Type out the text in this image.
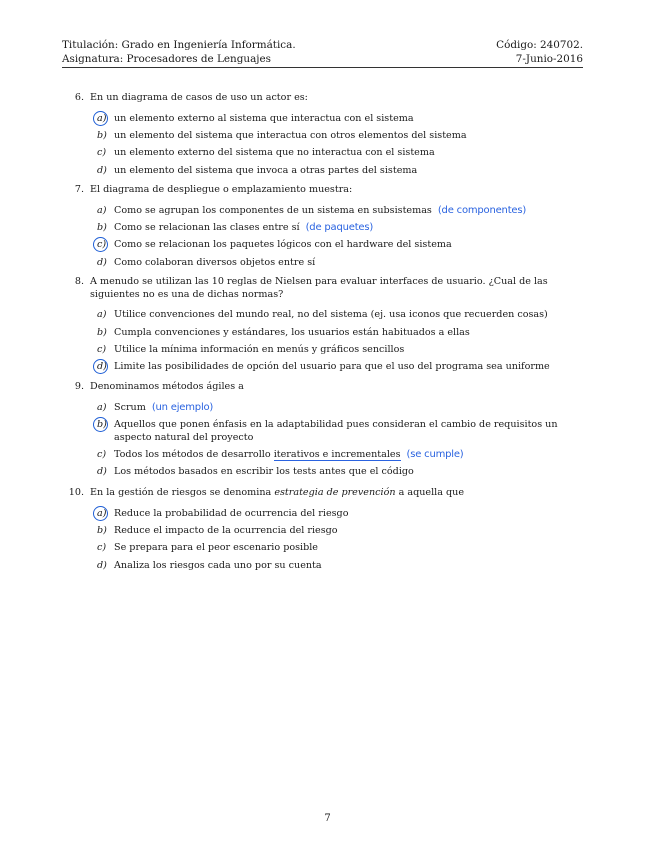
Titulación: Grado en Ingeniería Informática.
Asignatura: Procesadores de Lenguajes
Código: 240702.
7-Junio-2016
6. En un diagrama de casos de uso un actor es:
a) un elemento externo al sistema que interactua con el sistema
b) un elemento del sistema que interactua con otros elementos del sistema
c) un elemento externo del sistema que no interactua con el sistema
d) un elemento del sistema que invoca a otras partes del sistema
7. El diagrama de despliegue o emplazamiento muestra:
a) Como se agrupan los componentes de un sistema en subsistemas (de componentes)
b) Como se relacionan las clases entre sí (de paquetes)
c) Como se relacionan los paquetes lógicos con el hardware del sistema
d) Como colaboran diversos objetos entre sí
8. A menudo se utilizan las 10 reglas de Nielsen para evaluar interfaces de usuario. ¿Cual de las siguientes no es una de dichas normas?
a) Utilice convenciones del mundo real, no del sistema (ej. usa iconos que recuerden cosas)
b) Cumpla convenciones y estándares, los usuarios están habituados a ellas
c) Utilice la mínima información en menús y gráficos sencillos
d) Limite las posibilidades de opción del usuario para que el uso del programa sea uniforme
9. Denominamos métodos ágiles a
a) Scrum (un ejemplo)
b) Aquellos que ponen énfasis en la adaptabilidad pues consideran el cambio de requisitos un aspecto natural del proyecto
c) Todos los métodos de desarrollo iterativos e incrementales (se cumple)
d) Los métodos basados en escribir los tests antes que el código
10. En la gestión de riesgos se denomina estrategia de prevención a aquella que
a) Reduce la probabilidad de ocurrencia del riesgo
b) Reduce el impacto de la ocurrencia del riesgo
c) Se prepara para el peor escenario posible
d) Analiza los riesgos cada uno por su cuenta
7
